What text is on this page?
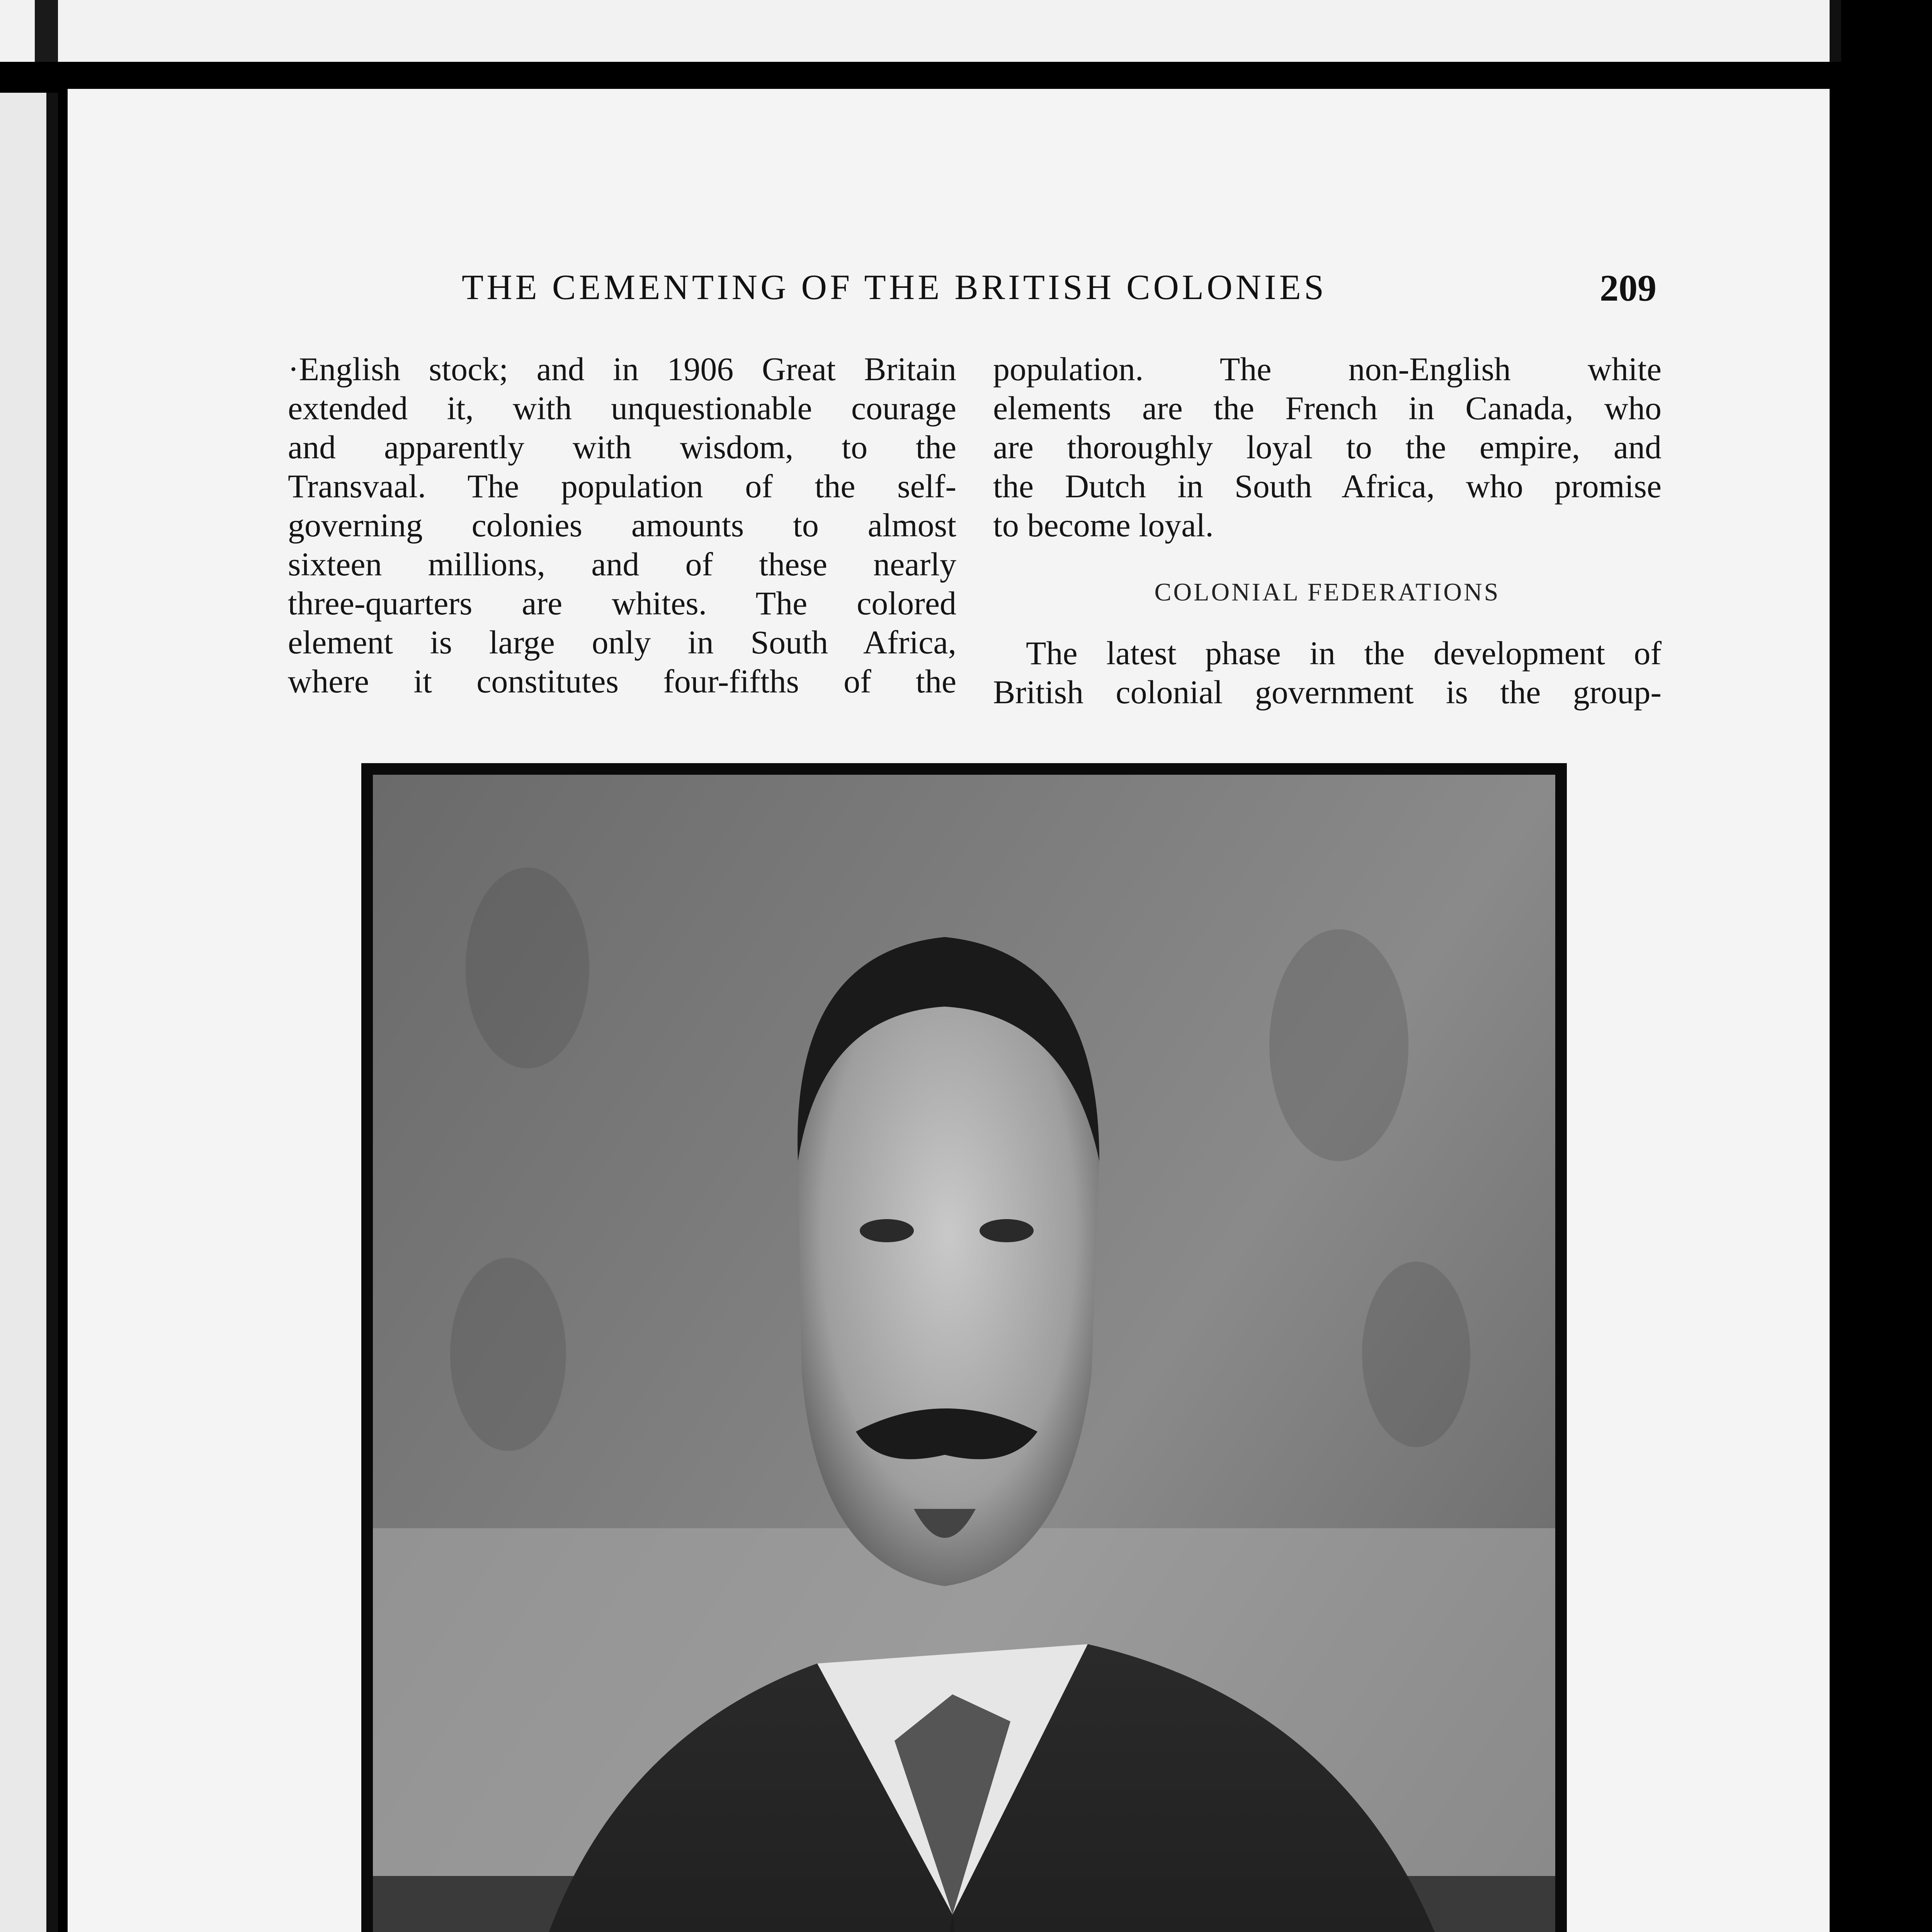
THE CEMENTING OF THE BRITISH COLONIES	209
·English stock; and in 1906 Great Britain
extended it, with unquestionable courage
and apparently with wisdom, to the
Transvaal. The population of the self-
governing colonies amounts to almost
sixteen millions, and of these nearly
three-quarters are whites. The colored
element is large only in South Africa,
where it constitutes four-fifths of the
population. The non-English white
elements are the French in Canada, who
are thoroughly loyal to the empire, and
the Dutch in South Africa, who promise
to become loyal.
COLONIAL FEDERATIONS
The latest phase in the development of
British colonial government is the group-
